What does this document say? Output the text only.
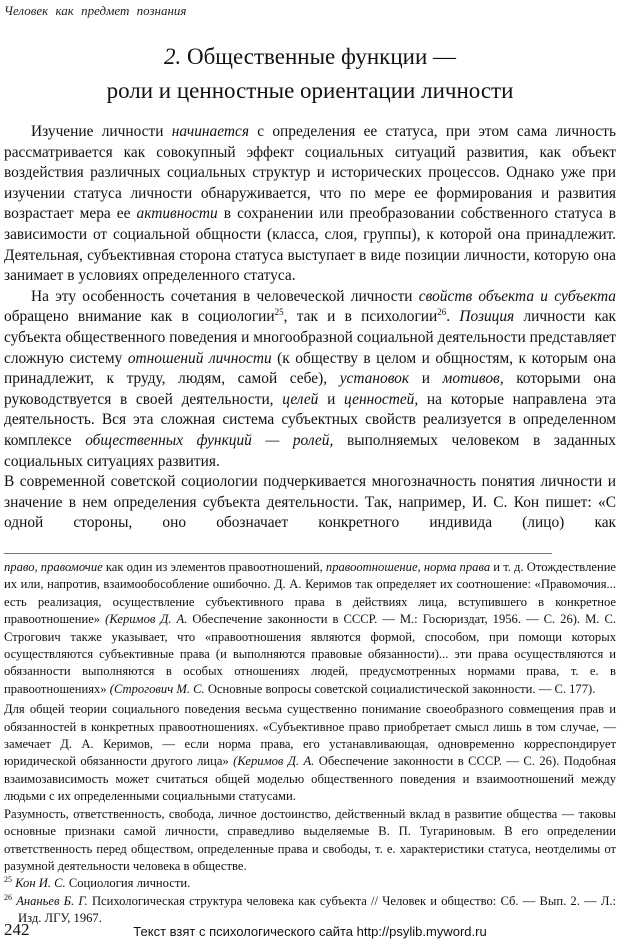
Человек как предмет познания
2. Общественные функции —
роли и ценностные ориентации личности

Изучение личности начинается с определения ее статуса, при этом сама личность рассматривается как совокупный эффект социальных ситуаций развития, как объект воздействия различных социальных структур и исторических процессов. Однако уже при изучении статуса личности обнаруживается, что по мере ее формирования и развития возрастает мера ее активности в сохранении или преобразовании собственного статуса в зависимости от социальной общности (класса, слоя, группы), к которой она принадлежит. Деятельная, субъективная сторона статуса выступает в виде позиции личности, которую она занимает в условиях определенного статуса.

На эту особенность сочетания в человеческой личности свойств объекта и субъекта обращено внимание как в социологии$^{25}$, так и в психологии$^{26}$. Позиция личности как субъекта общественного поведения и многообразной социальной деятельности представляет сложную систему отношений личности (к обществу в целом и общностям, к которым она принадлежит, к труду, людям, самой себе), установок и мотивов, которыми она руководствуется в своей деятельности, целей и ценностей, на которые направлена эта деятельность. Вся эта сложная система субъектных свойств реализуется в определенном комплексе общественных функций — ролей, выполняемых человеком в заданных социальных ситуациях развития.

В современной советской социологии подчеркивается многозначность понятия личности и значение в нем определения субъекта деятельности. Так, например, И. С. Кон пишет: «С одной стороны, оно обозначает конкретного индивида (лицо) как

право, правомочие как один из элементов правоотношений, правоотношение, норма права и т. д. Отождествление их или, напротив, взаимообособление ошибочно. Д. А. Керимов так определяет их соотношение: «Правомочия... есть реализация, осуществление субъективного права в действиях лица, вступившего в конкретное правоотношение» (Керимов Д. А. Обеспечение законности в СССР. — М.: Госюриздат, 1956. — С. 26). М. С. Строгович также указывает, что «правоотношения являются формой, способом, при помощи которых осуществляются субъективные права (и выполняются правовые обязанности)... эти права осуществляются и обязанности выполняются в особых отношениях людей, предусмотренных нормами права, т. е. в правоотношениях» (Строгович М. С. Основные вопросы советской социалистической законности. — С. 177).

Для общей теории социального поведения весьма существенно понимание своеобразного совмещения прав и обязанностей в конкретных правоотношениях. «Субъективное право приобретает смысл лишь в том случае, — замечает Д. А. Керимов, — если норма права, его устанавливающая, одновременно корреспондирует юридической обязанности другого лица» (Керимов Д. А. Обеспечение законности в СССР. — С. 26). Подобная взаимозависимость может считаться общей моделью общественного поведения и взаимоотношений между людьми с их определенными социальными статусами.

Разумность, ответственность, свобода, личное достоинство, действенный вклад в развитие общества — таковы основные признаки самой личности, справедливо выделяемые В. П. Тугариновым. В его определении ответственность перед обществом, определенные права и свободы, т. е. характеристики статуса, неотделимы от разумной деятельности человека в обществе.

$^{25}$ Кон И. С. Социология личности.

$^{26}$ Ананьев Б. Г. Психологическая структура человека как субъекта // Человек и общество: Сб. — Вып. 2. — Л.: Изд. ЛГУ, 1967.

242	Текст взят с психологического сайта http://psylib.myword.ru
